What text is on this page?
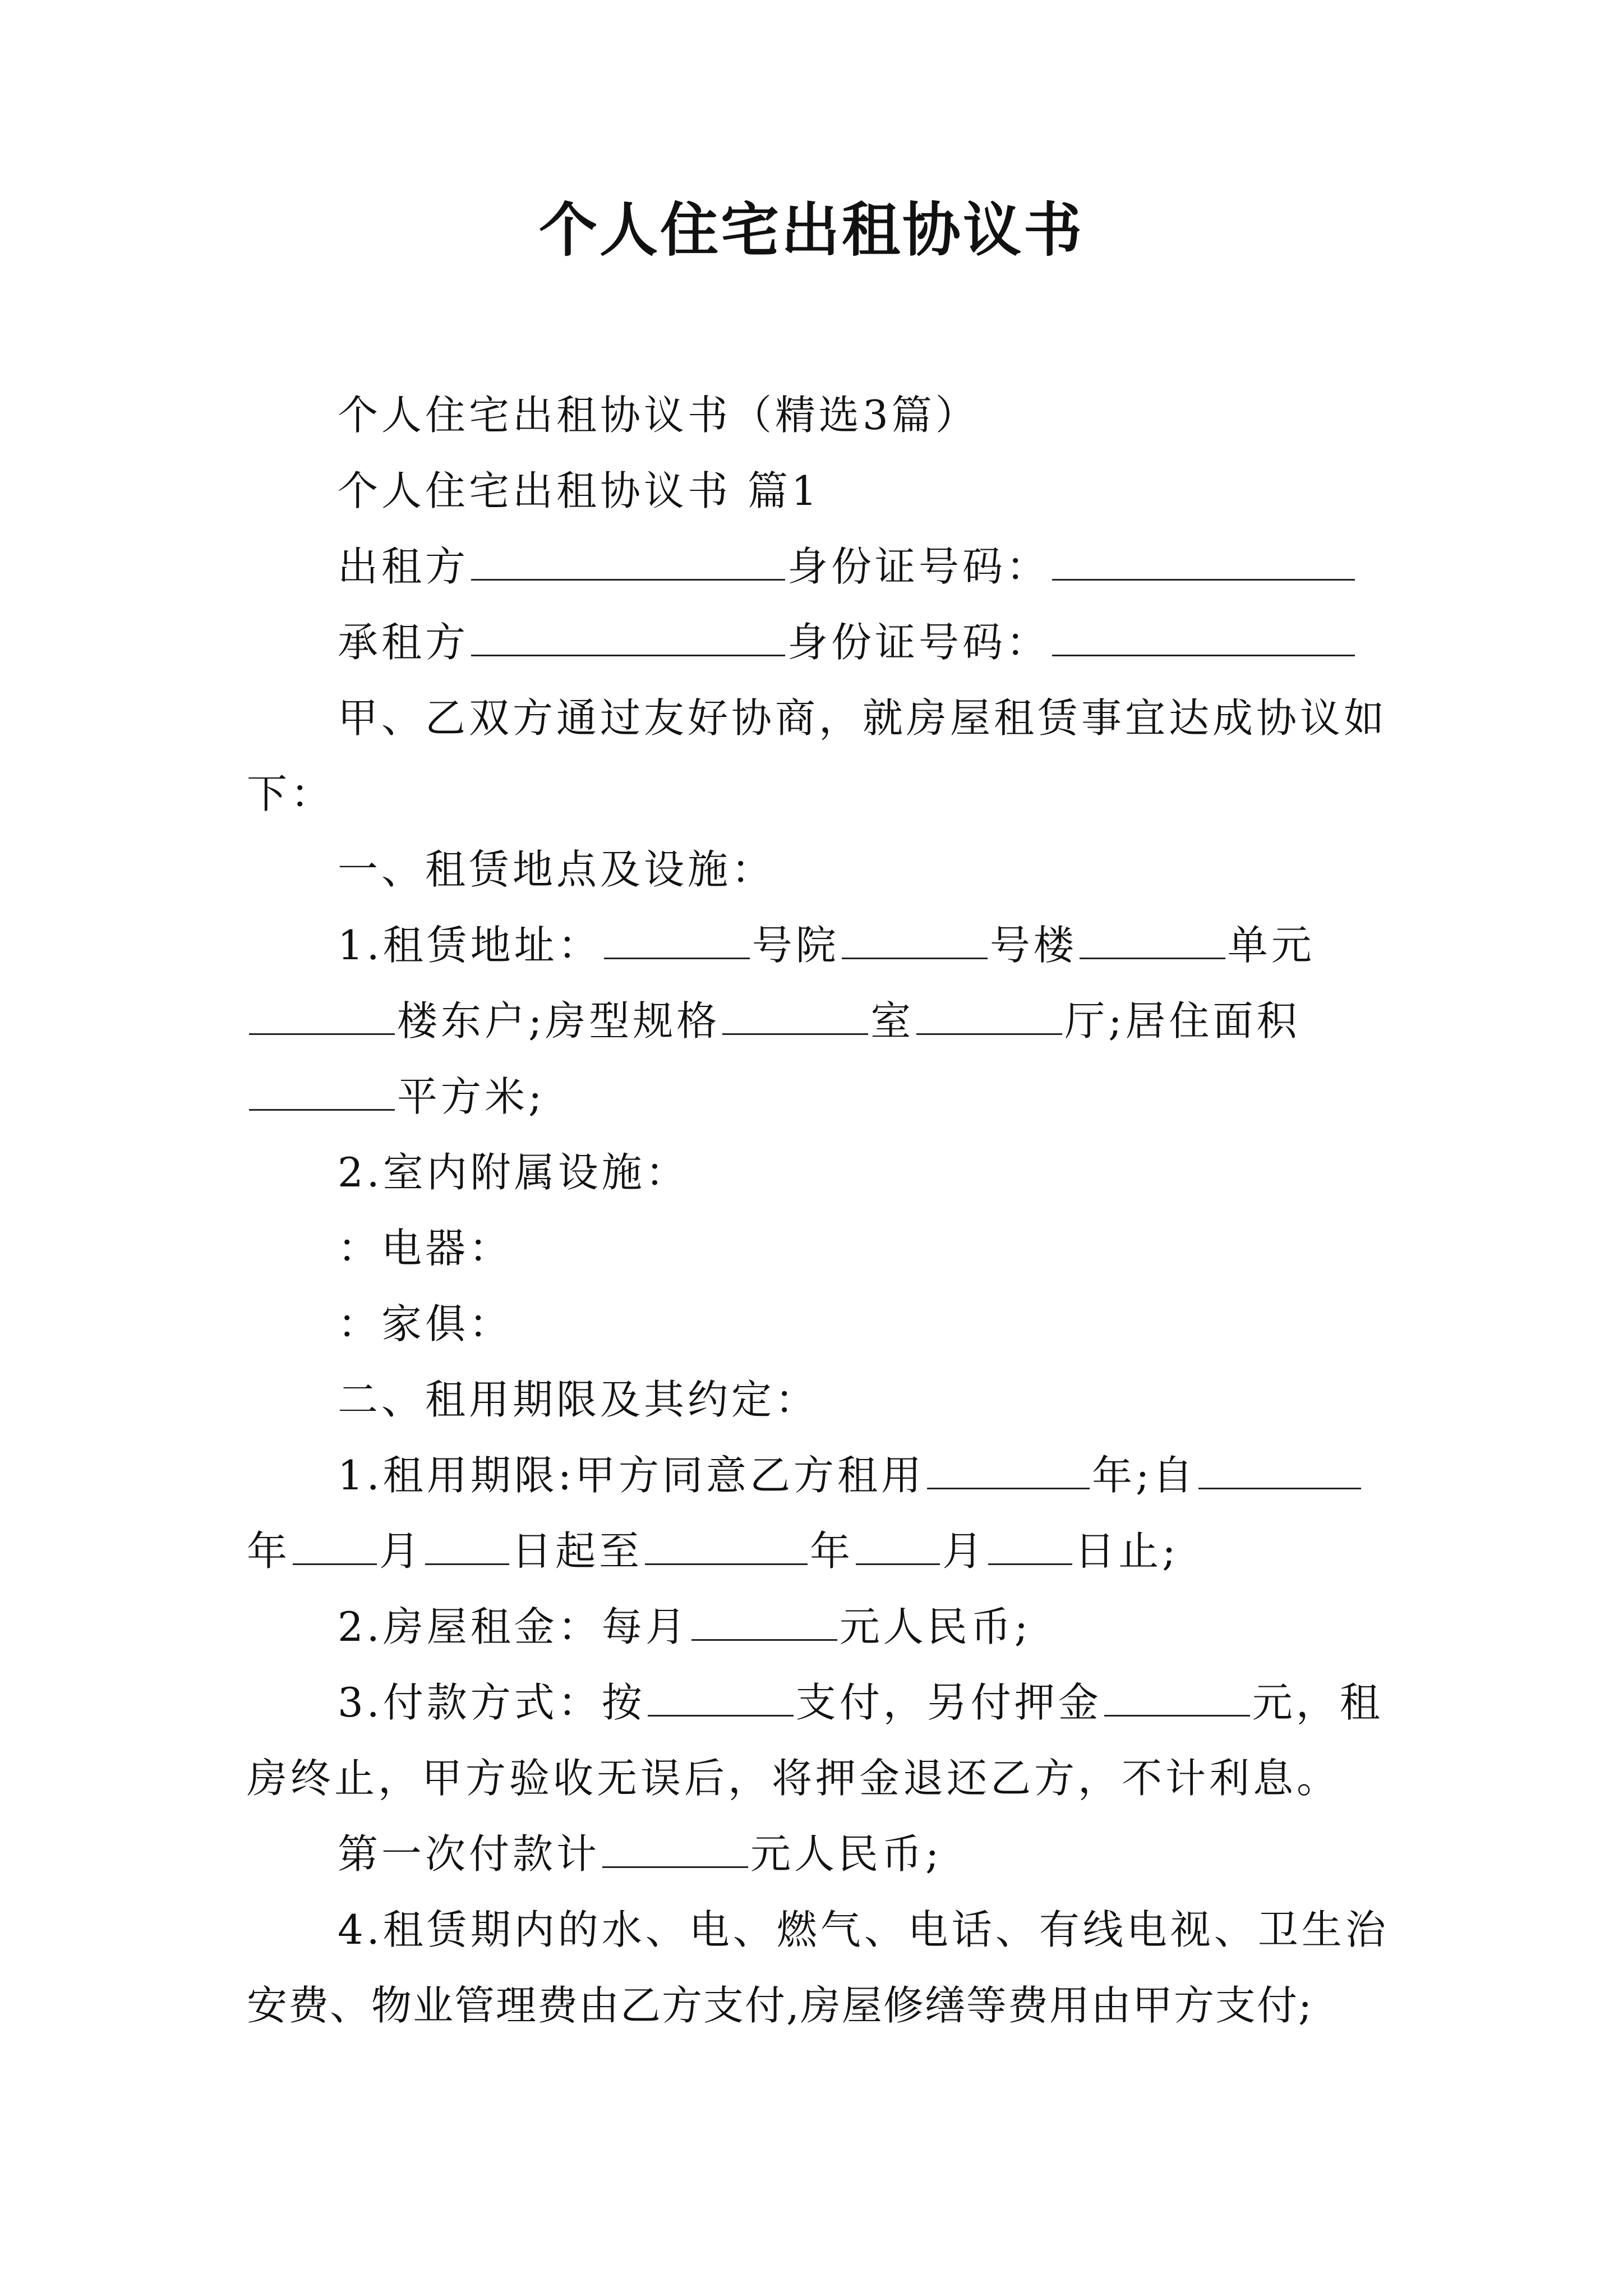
个人住宅出租协议书
个人住宅出租协议书（精选3篇）
个人住宅出租协议书 篇1
出租方	身份证号码：
承租方	身份证号码：
甲、乙双方通过友好协商，就房屋租赁事宜达成协议如
下：
一、租赁地点及设施：
1.租赁地址：	号院	号楼	单元
楼东户;房型规格	室	厅;居住面积
平方米;
2.室内附属设施：
：电器：
：家俱：
二、租用期限及其约定：
1.租用期限:甲方同意乙方租用	年;自
年 月 日起至	年 月 日止;
2.房屋租金：每月	元人民币;
3.付款方式：按	支付，另付押金	元，租
房终止，甲方验收无误后，将押金退还乙方，不计利息。
第一次付款计	元人民币;
4.租赁期内的水、电、燃气、电话、有线电视、卫生治
安费、物业管理费由乙方支付,房屋修缮等费用由甲方支付;
